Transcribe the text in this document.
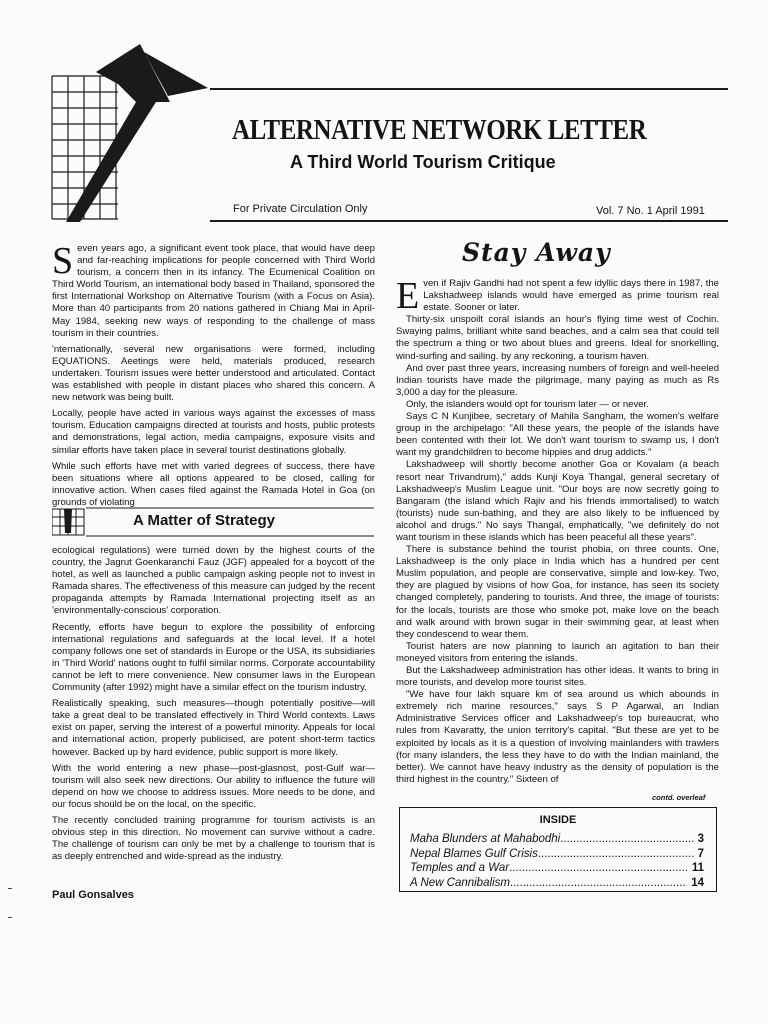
ALTERNATIVE NETWORK LETTER
A Third World Tourism Critique
For Private Circulation Only	Vol. 7 No. 1 April 1991

Seven years ago, a significant event took place, that would have deep and far-reaching implications for people concerned with Third World tourism, a concern then in its infancy. The Ecumenical Coalition on Third World Tourism, an international body based in Thailand, sponsored the first International Workshop on Alternative Tourism (with a Focus on Asia). More than 40 participants from 20 nations gathered in Chiang Mai in April-May 1984, seeking new ways of responding to the challenge of mass tourism in their countries.

'nternationally, several new organisations were formed, including EQUATIONS. Aeetings were held, materials produced, research undertaken. Tourism issues were better understood and articulated. Contact was established with people in distant places who shared this concern. A new network was being built.

Locally, people have acted in various ways against the excesses of mass tourism. Education campaigns directed at tourists and hosts, public protests and demonstrations, legal action, media campaigns, exposure visits and similar efforts have taken place in several tourist destinations globally.

While such efforts have met with varied degrees of success, there have been situations where all options appeared to be closed, calling for innovative action. When cases filed against the Ramada Hotel in Goa (on grounds of violating

A Matter of Strategy

ecological regulations) were turned down by the highest courts of the country, the Jagrut Goenkaranchi Fauz (JGF) appealed for a boycott of the hotel, as well as launched a public campaign asking people not to invest in Ramada shares. The effectiveness of this measure can judged by the recent propaganda attempts by Ramada International projecting itself as an 'environmentally-conscious' corporation.

Recently, efforts have begun to explore the possibility of enforcing international regulations and safeguards at the local level. If a hotel company follows one set of standards in Europe or the USA, its subsidiaries in 'Third World' nations ought to fulfil similar norms. Corporate accountability cannot be left to mere convenience. New consumer laws in the European Community (after 1992) might have a similar effect on the tourism industry.

Realistically speaking, such measures—though potentially positive—will take a great deal to be translated effectively in Third World contexts. Laws exist on paper, serving the interest of a powerful minority. Appeals for local and international action, properly publicised, are potent short-term tactics however. Backed up by hard evidence, public support is more likely.

With the world entering a new phase—post-glasnost, post-Gulf war—tourism will also seek new directions. Our ability to influence the future will depend on how we choose to address issues. More needs to be done, and our focus should be on the local, on the specific.

The recently concluded training programme for tourism activists is an obvious step in this direction. No movement can survive without a cadre. The challenge of tourism can only be met by a challenge to tourism that is as deeply entrenched and wide-spread as the industry.

Paul Gonsalves
Stay Away

Even if Rajiv Gandhi had not spent a few idyllic days there in 1987, the Lakshadweep islands would have emerged as prime tourism real estate. Sooner or later.

Thirty-six unspoilt coral islands an hour's flying time west of Cochin. Swaying palms, brilliant white sand beaches, and a calm sea that could tell the spectrum a thing or two about blues and greens. Ideal for snorkelling, wind-surfing and sailing. by any reckoning, a tourism haven.

And over past three years, increasing numbers of foreign and well-heeled Indian tourists have made the pilgrimage, many paying as much as Rs 3,000 a day for the pleasure.

Only, the islanders would opt for tourism later — or never.

Says C N Kunjibee, secretary of Mahila Sangham, the women's welfare group in the archipelago: "All these years, the people of the islands have been contented with their lot. We don't want tourism to swamp us, I don't want my grandchildren to become hippies and drug addicts."

Lakshadweep will shortly become another Goa or Kovalam (a beach resort near Trivandrum)," adds Kunji Koya Thangal, general secretary of Lakshadweep's Muslim League unit. "Our boys are now secretly going to Bangaram (the island which Rajiv and his friends immortalised) to watch (tourists) nude sun-bathing, and they are also likely to be influenced by alcohol and drugs." No says Thangal, emphatically, "we definitely do not want tourism in these islands which has been peaceful all these years".

There is substance behind the tourist phobia, on three counts. One, Lakshadweep is the only place in India which has a hundred per cent Muslim population, and people are conservative, simple and low-key. Two, they are plagued by visions of how Goa, for instance, has seen its society changed completely, pandering to tourists. And three, the image of tourists: for the locals, tourists are those who smoke pot, make love on the beach and walk around with brown sugar in their swimming gear, at least when they condescend to wear them.

Tourist haters are now planning to launch an agitation to ban their moneyed visitors from entering the islands.

But the Lakshadweep administration has other ideas. It wants to bring in more tourists, and develop more tourist sites.

"We have four lakh square km of sea around us which abounds in extremely rich marine resources," says S P Agarwal, an Indian Administrative Services officer and Lakshadweep's top bureaucrat, who rules from Kavaratty, the union territory's capital. "But these are yet to be exploited by locals as it is a question of involving mainlanders with trawlers (for many islanders, the less they have to do with the Indian mainland, the better). We cannot have heavy industry as the density of population is the third highest in the country." Sixteen of

contd. overleaf
INSIDE
Maha Blunders at Mahabodhi .....	3
Nepal Blames Gulf Crisis .....	7
Temples and a War .....	11
A New Cannibalism .....	14
